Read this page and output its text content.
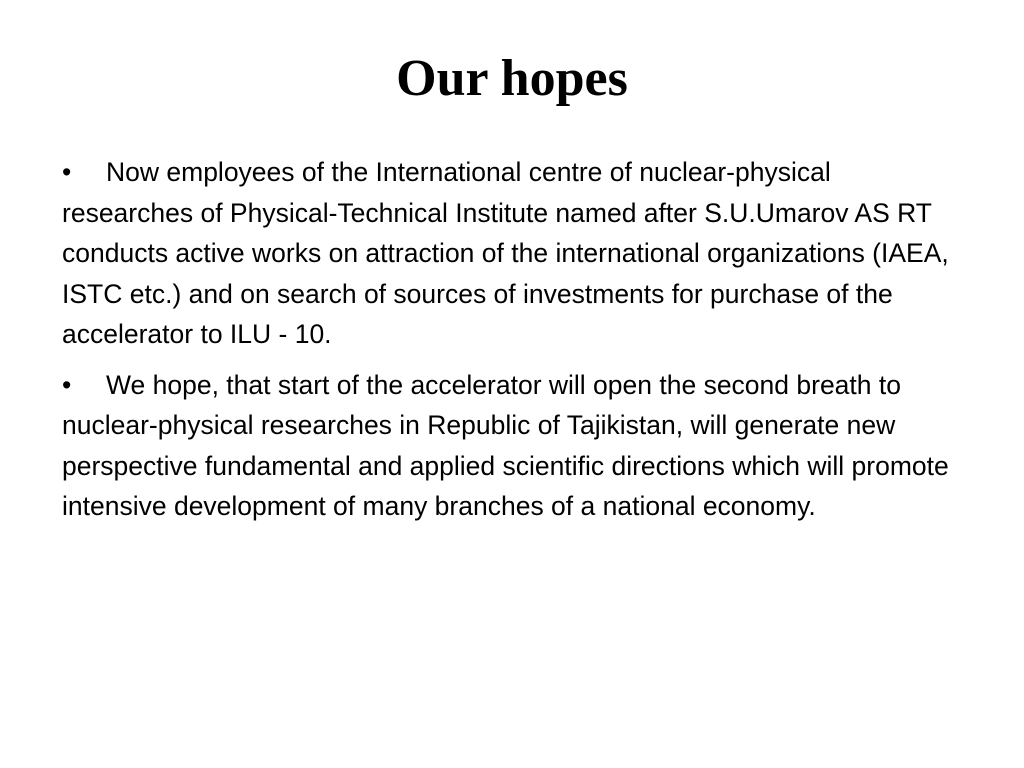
Our hopes
• Now employees of the International centre of nuclear-physical researches of Physical-Technical Institute named after S.U.Umarov AS RT conducts active works on attraction of the international organizations (IAEA, ISTC etc.) and on search of sources of investments for purchase of the accelerator to ILU - 10.
• We hope, that start of the accelerator will open the second breath to nuclear-physical researches in Republic of Tajikistan, will generate new perspective fundamental and applied scientific directions which will promote intensive development of many branches of a national economy.
